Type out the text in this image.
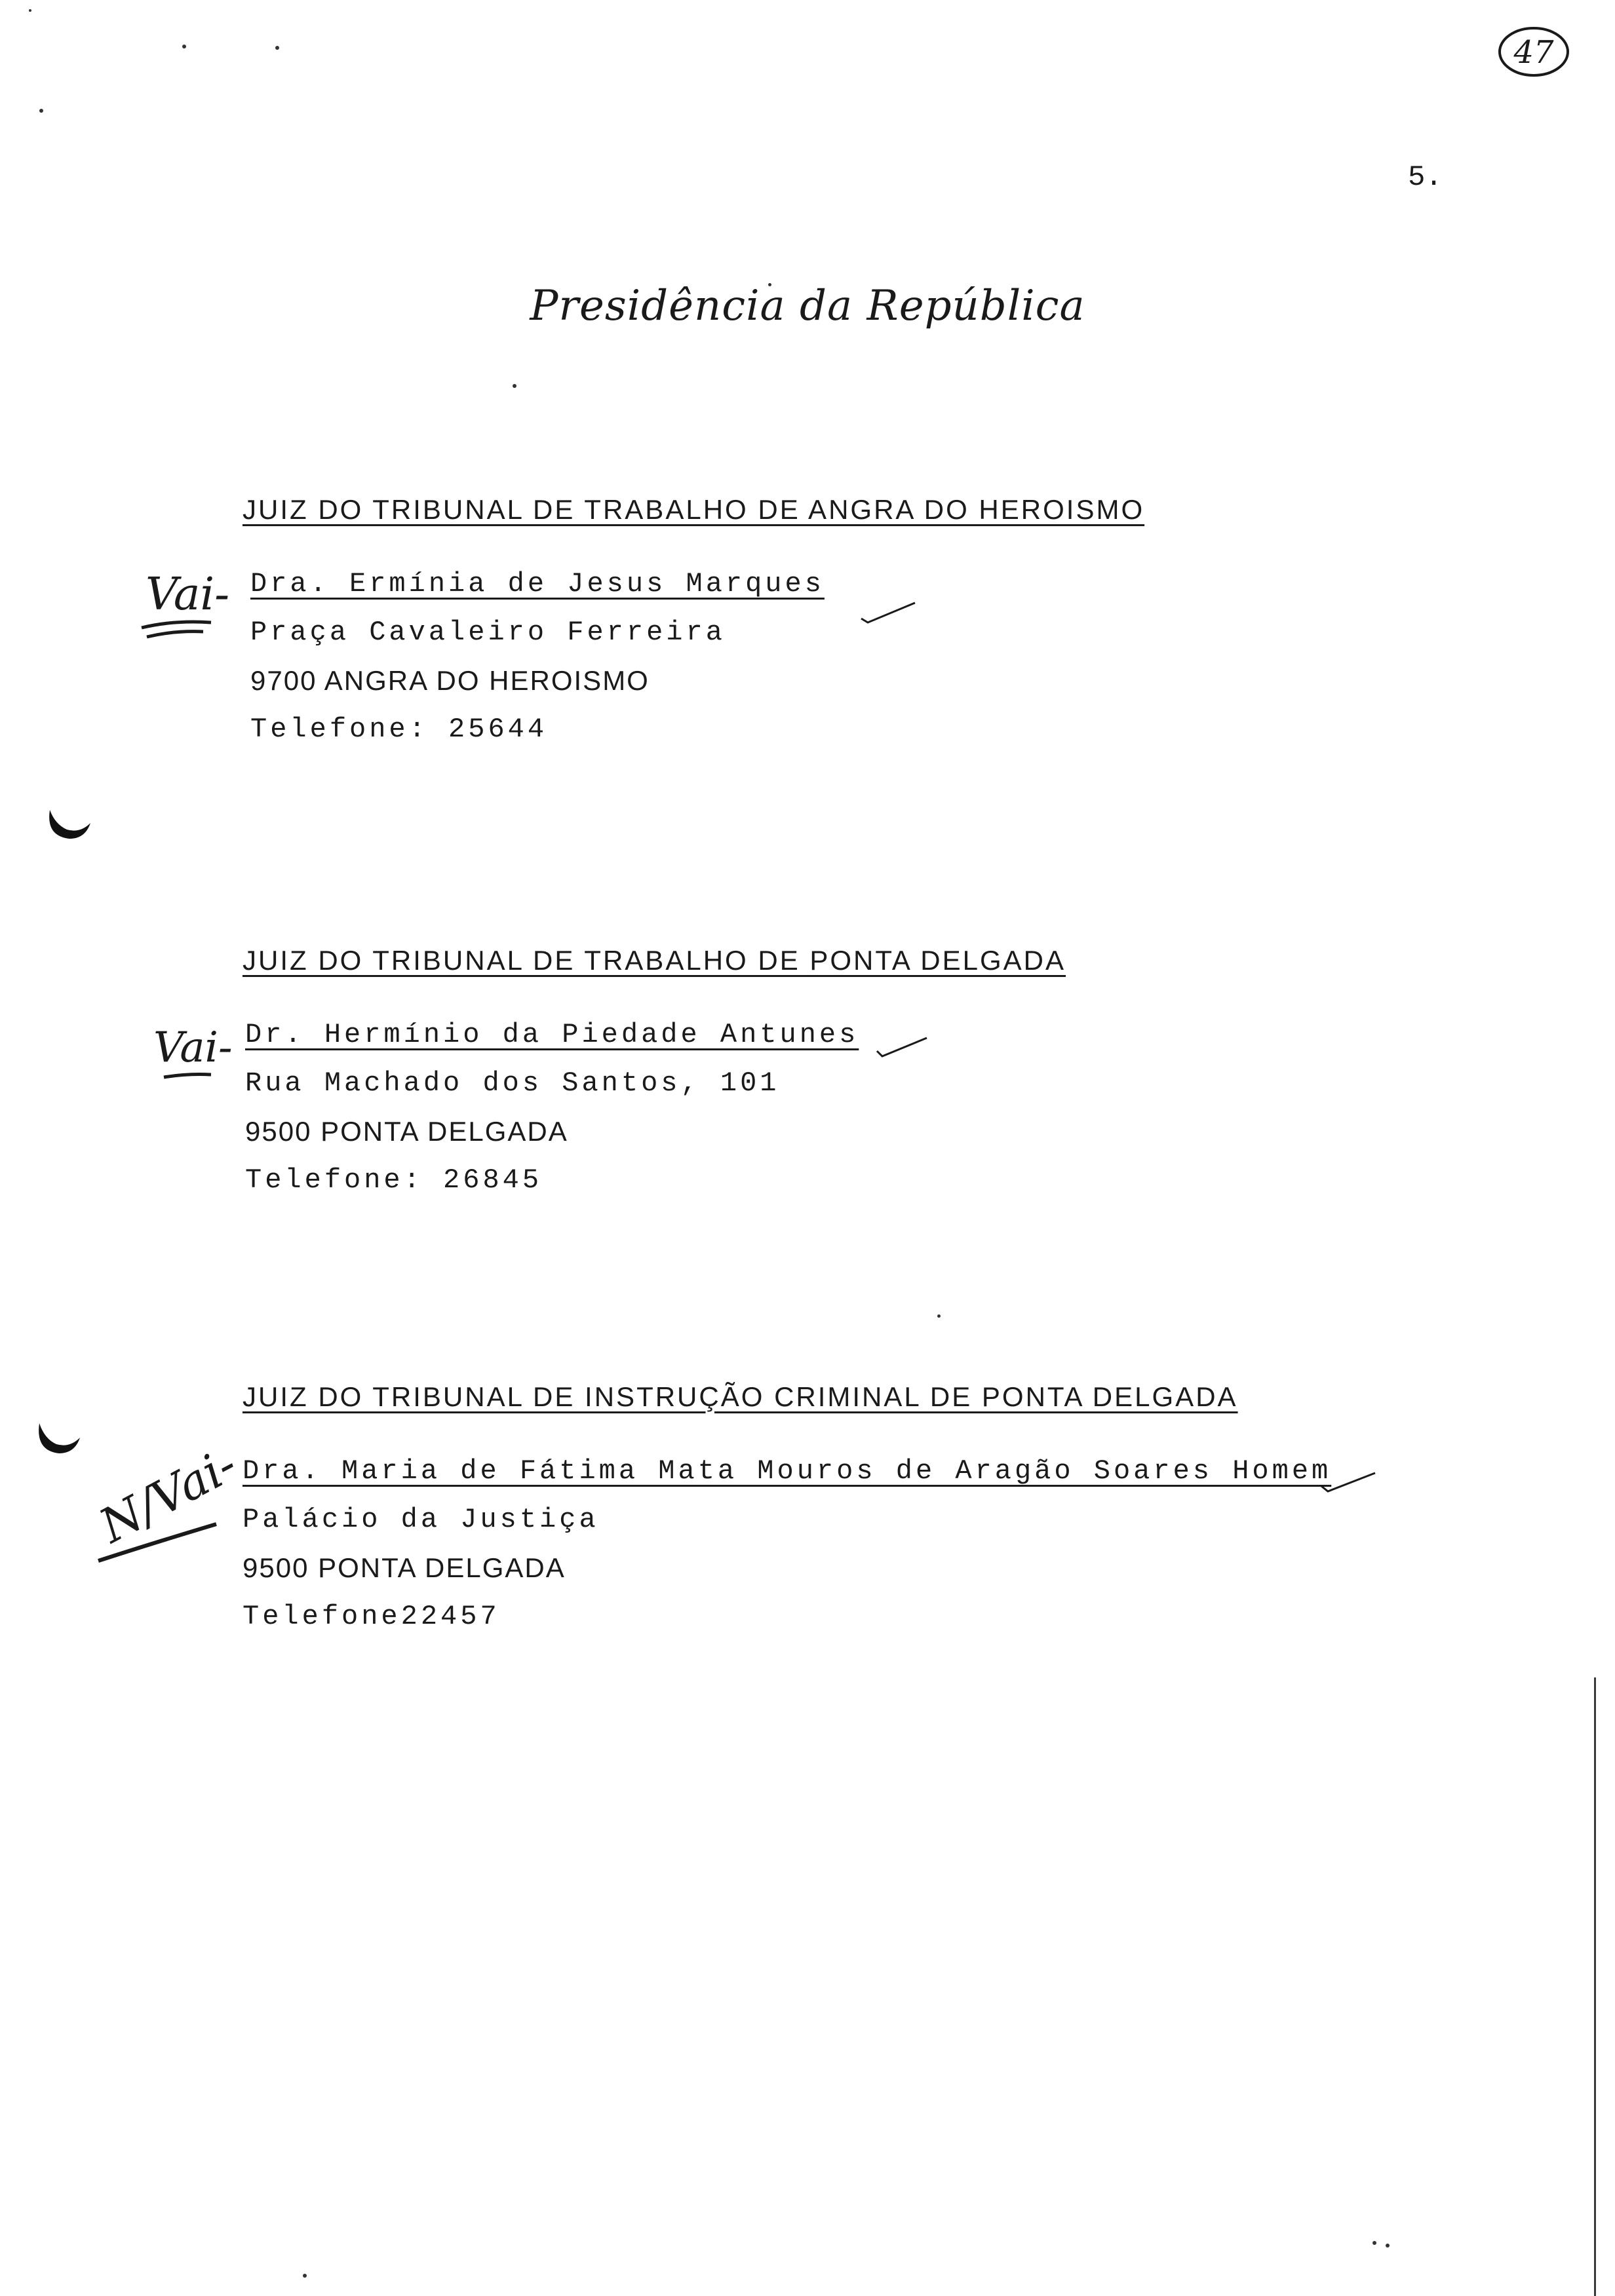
47
5.
Presidência da República
JUIZ DO TRIBUNAL DE TRABALHO DE ANGRA DO HEROISMO
Dra. Ermínia de Jesus Marques
Praça Cavaleiro Ferreira
9700 ANGRA DO HEROISMO
Telefone: 25644
Vai-
JUIZ DO TRIBUNAL DE TRABALHO DE PONTA DELGADA
Dr. Hermínio da Piedade Antunes
Rua Machado dos Santos, 101
9500 PONTA DELGADA
Telefone: 26845
Vai-
JUIZ DO TRIBUNAL DE INSTRUÇÃO CRIMINAL DE PONTA DELGADA
Dra. Maria de Fátima Mata Mouros de Aragão Soares Homem
Palácio da Justiça
9500 PONTA DELGADA
Telefone22457
N/Vai-
